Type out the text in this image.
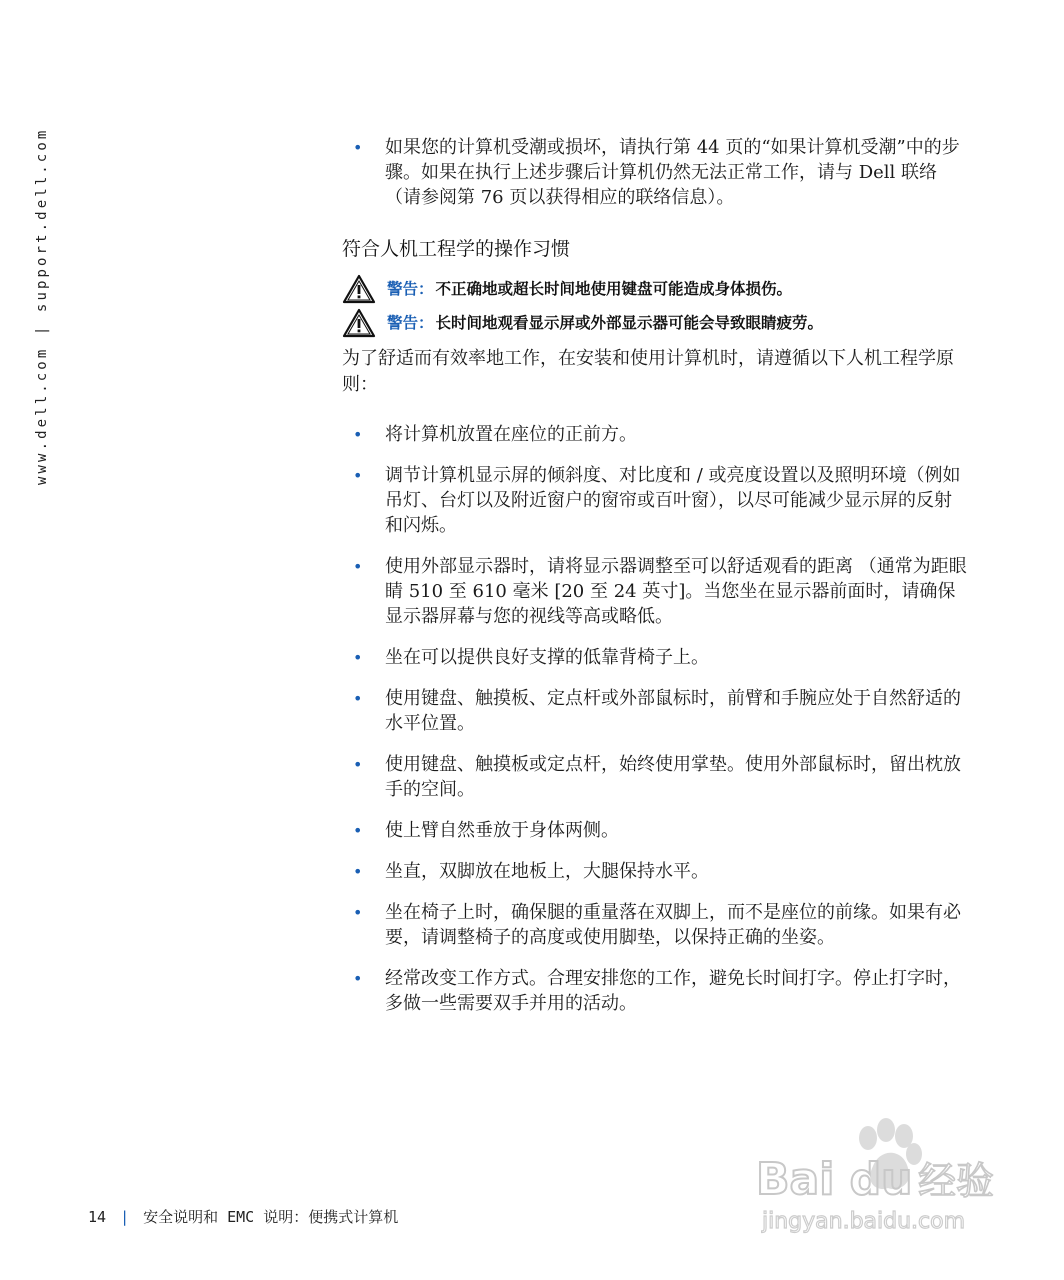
www.dell.com | support.dell.com	• 如果您的计算机受潮或损坏，请执行第 44 页的“如果计算机受潮”中的步骤。如果在执行上述步骤后计算机仍然无法正常工作，请与 Dell 联络 （请参阅第 76 页以获得相应的联络信息）。
符合人机工程学的操作习惯
警告： 不正确地或超长时间地使用键盘可能造成身体损伤。
警告： 长时间地观看显示屏或外部显示器可能会导致眼睛疲劳。

为了舒适而有效率地工作，在安装和使用计算机时，请遵循以下人机工程学原则：

• 将计算机放置在座位的正前方。
• 调节计算机显示屏的倾斜度、对比度和 / 或亮度设置以及照明环境（例如吊灯、台灯以及附近窗户的窗帘或百叶窗），以尽可能减少显示屏的反射和闪烁。
• 使用外部显示器时，请将显示器调整至可以舒适观看的距离 （通常为距眼睛 510 至 610 毫米 [20 至 24 英寸]。当您坐在显示器前面时，请确保显示器屏幕与您的视线等高或略低。
• 坐在可以提供良好支撑的低靠背椅子上。
• 使用键盘、触摸板、定点杆或外部鼠标时，前臂和手腕应处于自然舒适的水平位置。
• 使用键盘、触摸板或定点杆，始终使用掌垫。使用外部鼠标时，留出枕放手的空间。
• 使上臂自然垂放于身体两侧。
• 坐直，双脚放在地板上，大腿保持水平。
• 坐在椅子上时，确保腿的重量落在双脚上，而不是座位的前缘。如果有必要，请调整椅子的高度或使用脚垫，以保持正确的坐姿。
• 经常改变工作方式。合理安排您的工作，避免长时间打字。停止打字时，多做一些需要双手并用的活动。
14 | 安全说明和 EMC 说明：便携式计算机
Bai du 经验
jingyan.baidu.com
